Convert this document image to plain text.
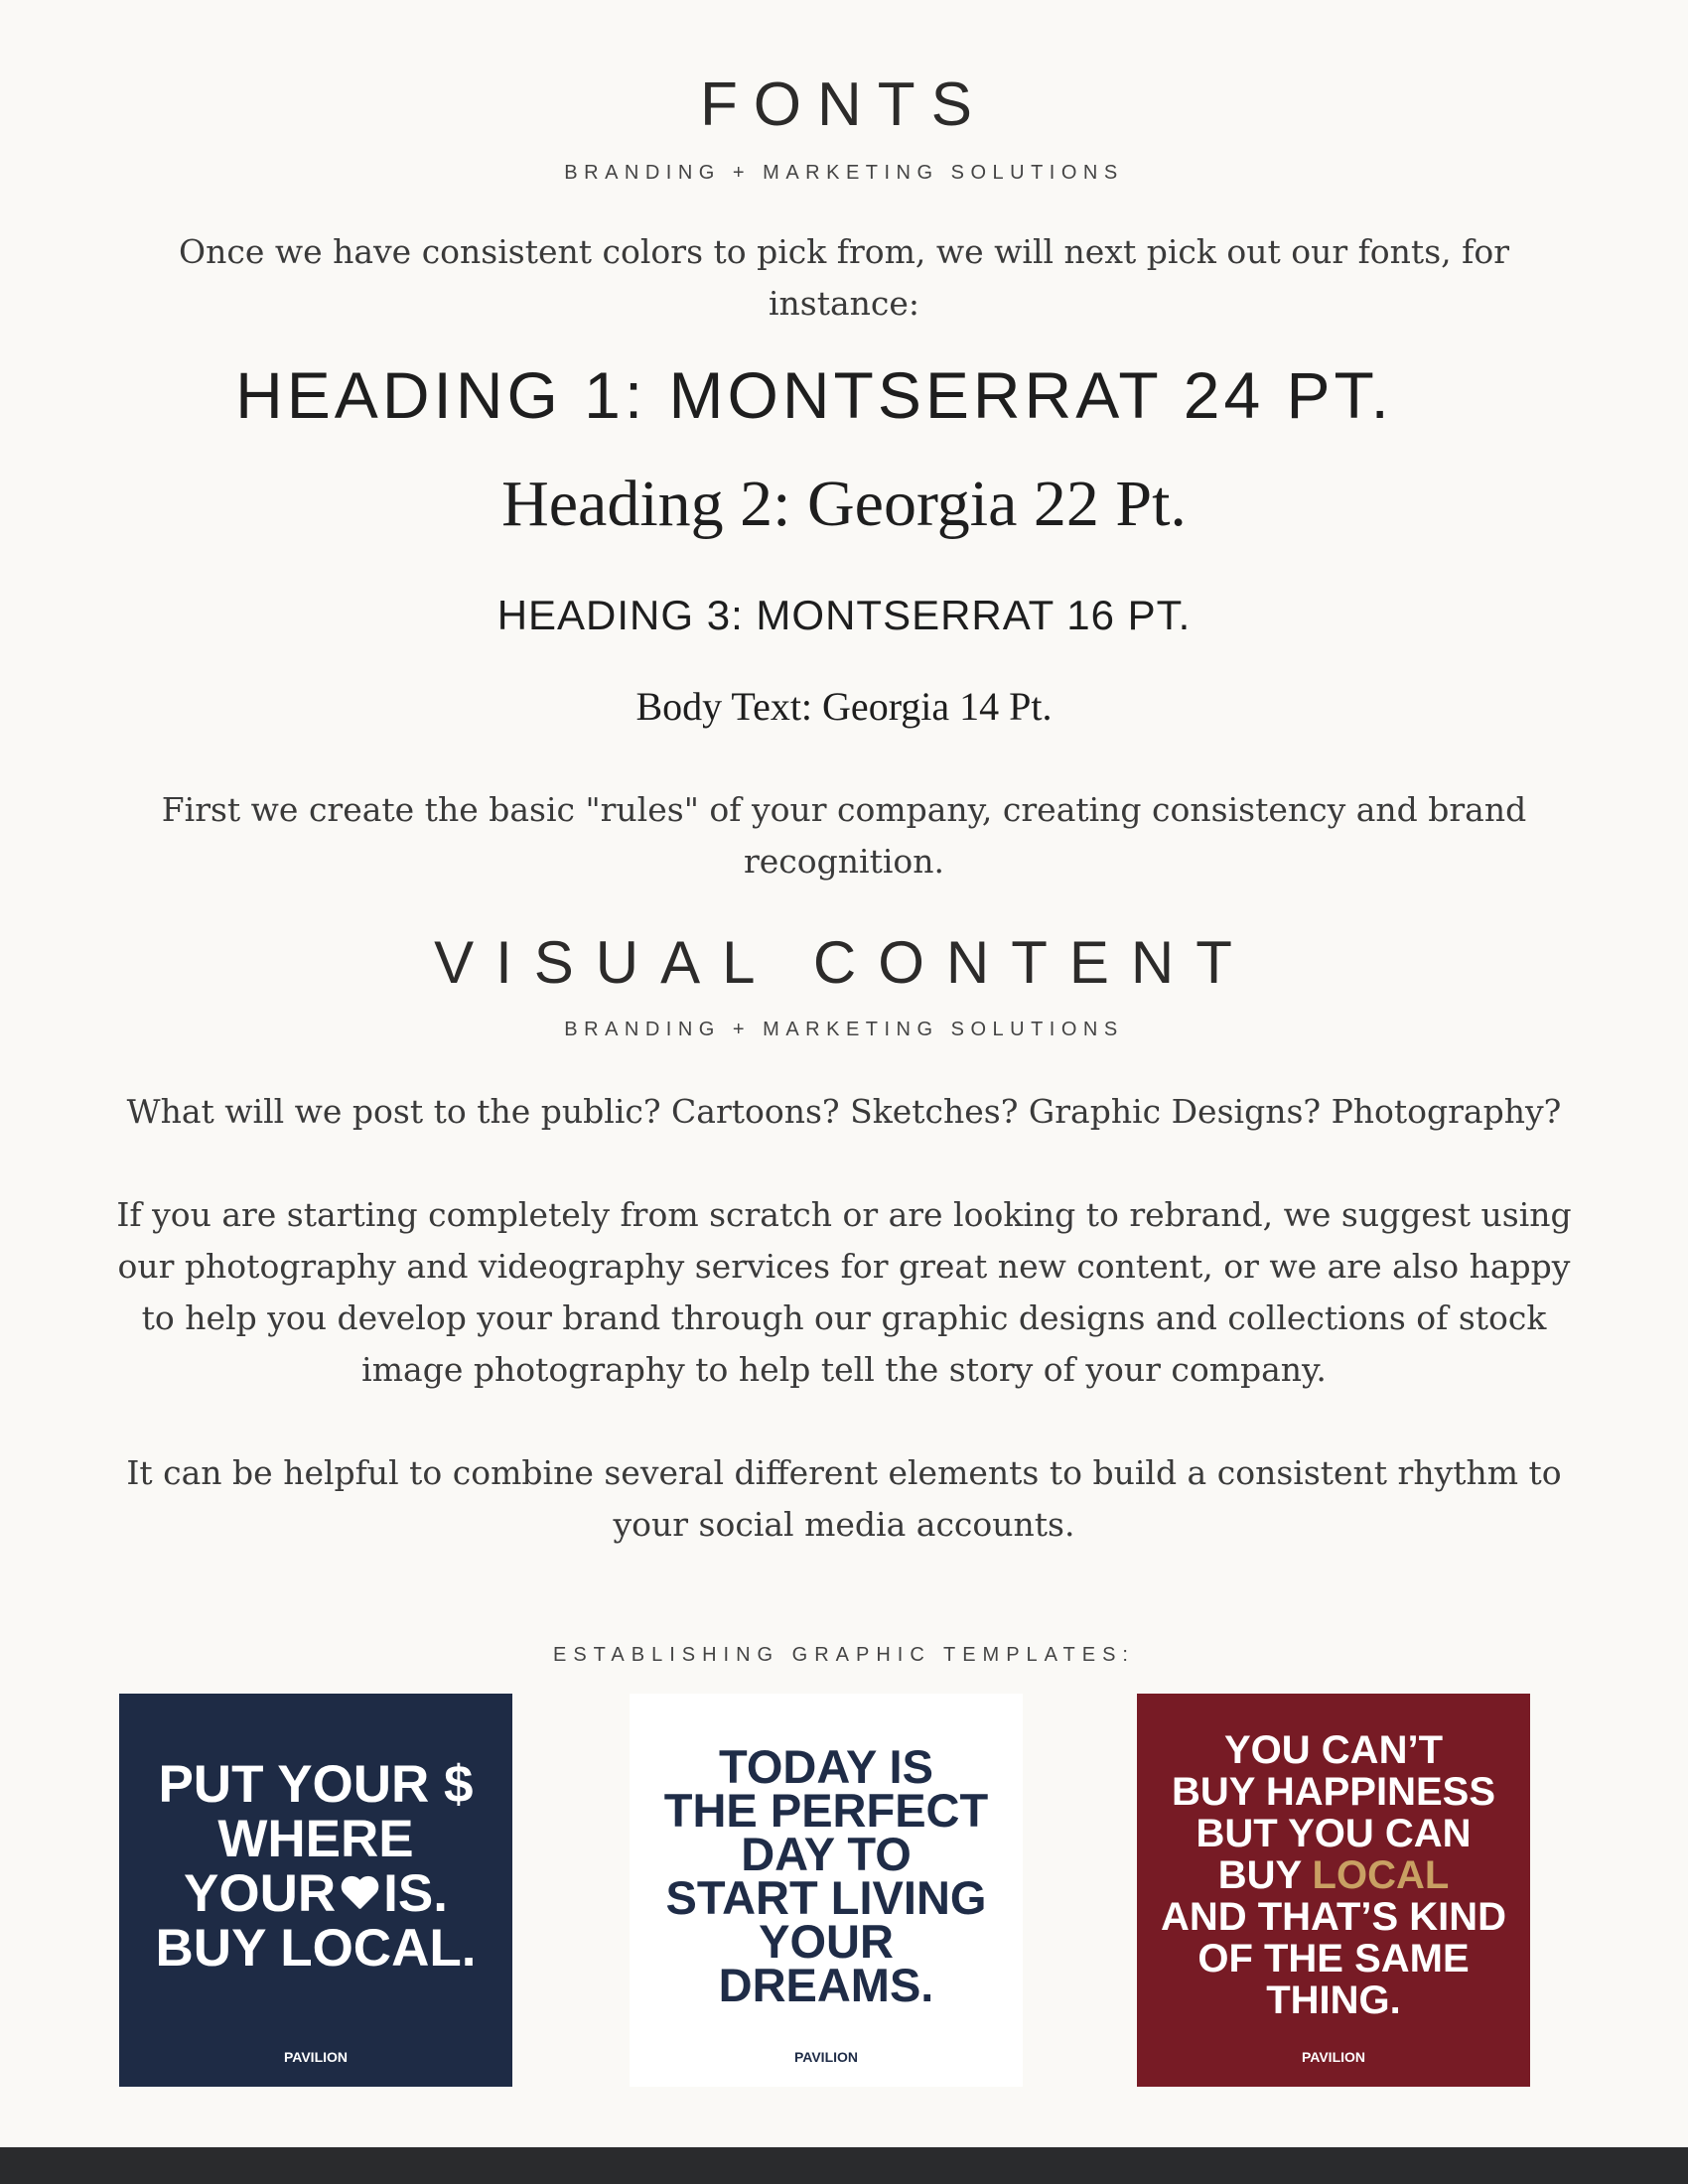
FONTS
BRANDING + MARKETING SOLUTIONS
Once we have consistent colors to pick from, we will next pick out our fonts, for
instance:
HEADING 1: MONTSERRAT 24 PT.
Heading 2: Georgia 22 Pt.
HEADING 3: MONTSERRAT 16 PT.
Body Text: Georgia 14 Pt.
First we create the basic "rules" of your company, creating consistency and brand
recognition.
VISUAL CONTENT
BRANDING + MARKETING SOLUTIONS
What will we post to the public? Cartoons? Sketches? Graphic Designs? Photography?
If you are starting completely from scratch or are looking to rebrand, we suggest using
our photography and videography services for great new content, or we are also happy
to help you develop your brand through our graphic designs and collections of stock
image photography to help tell the story of your company.
It can be helpful to combine several different elements to build a consistent rhythm to
your social media accounts.
ESTABLISHING GRAPHIC TEMPLATES:
PUT YOUR $
WHERE
YOUR IS.
BUY LOCAL.
PAVILION
TODAY IS
THE PERFECT
DAY TO
START LIVING
YOUR
DREAMS.
PAVILION
YOU CAN’T
BUY HAPPINESS
BUT YOU CAN
BUY LOCAL
AND THAT’S KIND
OF THE SAME
THING.
PAVILION
